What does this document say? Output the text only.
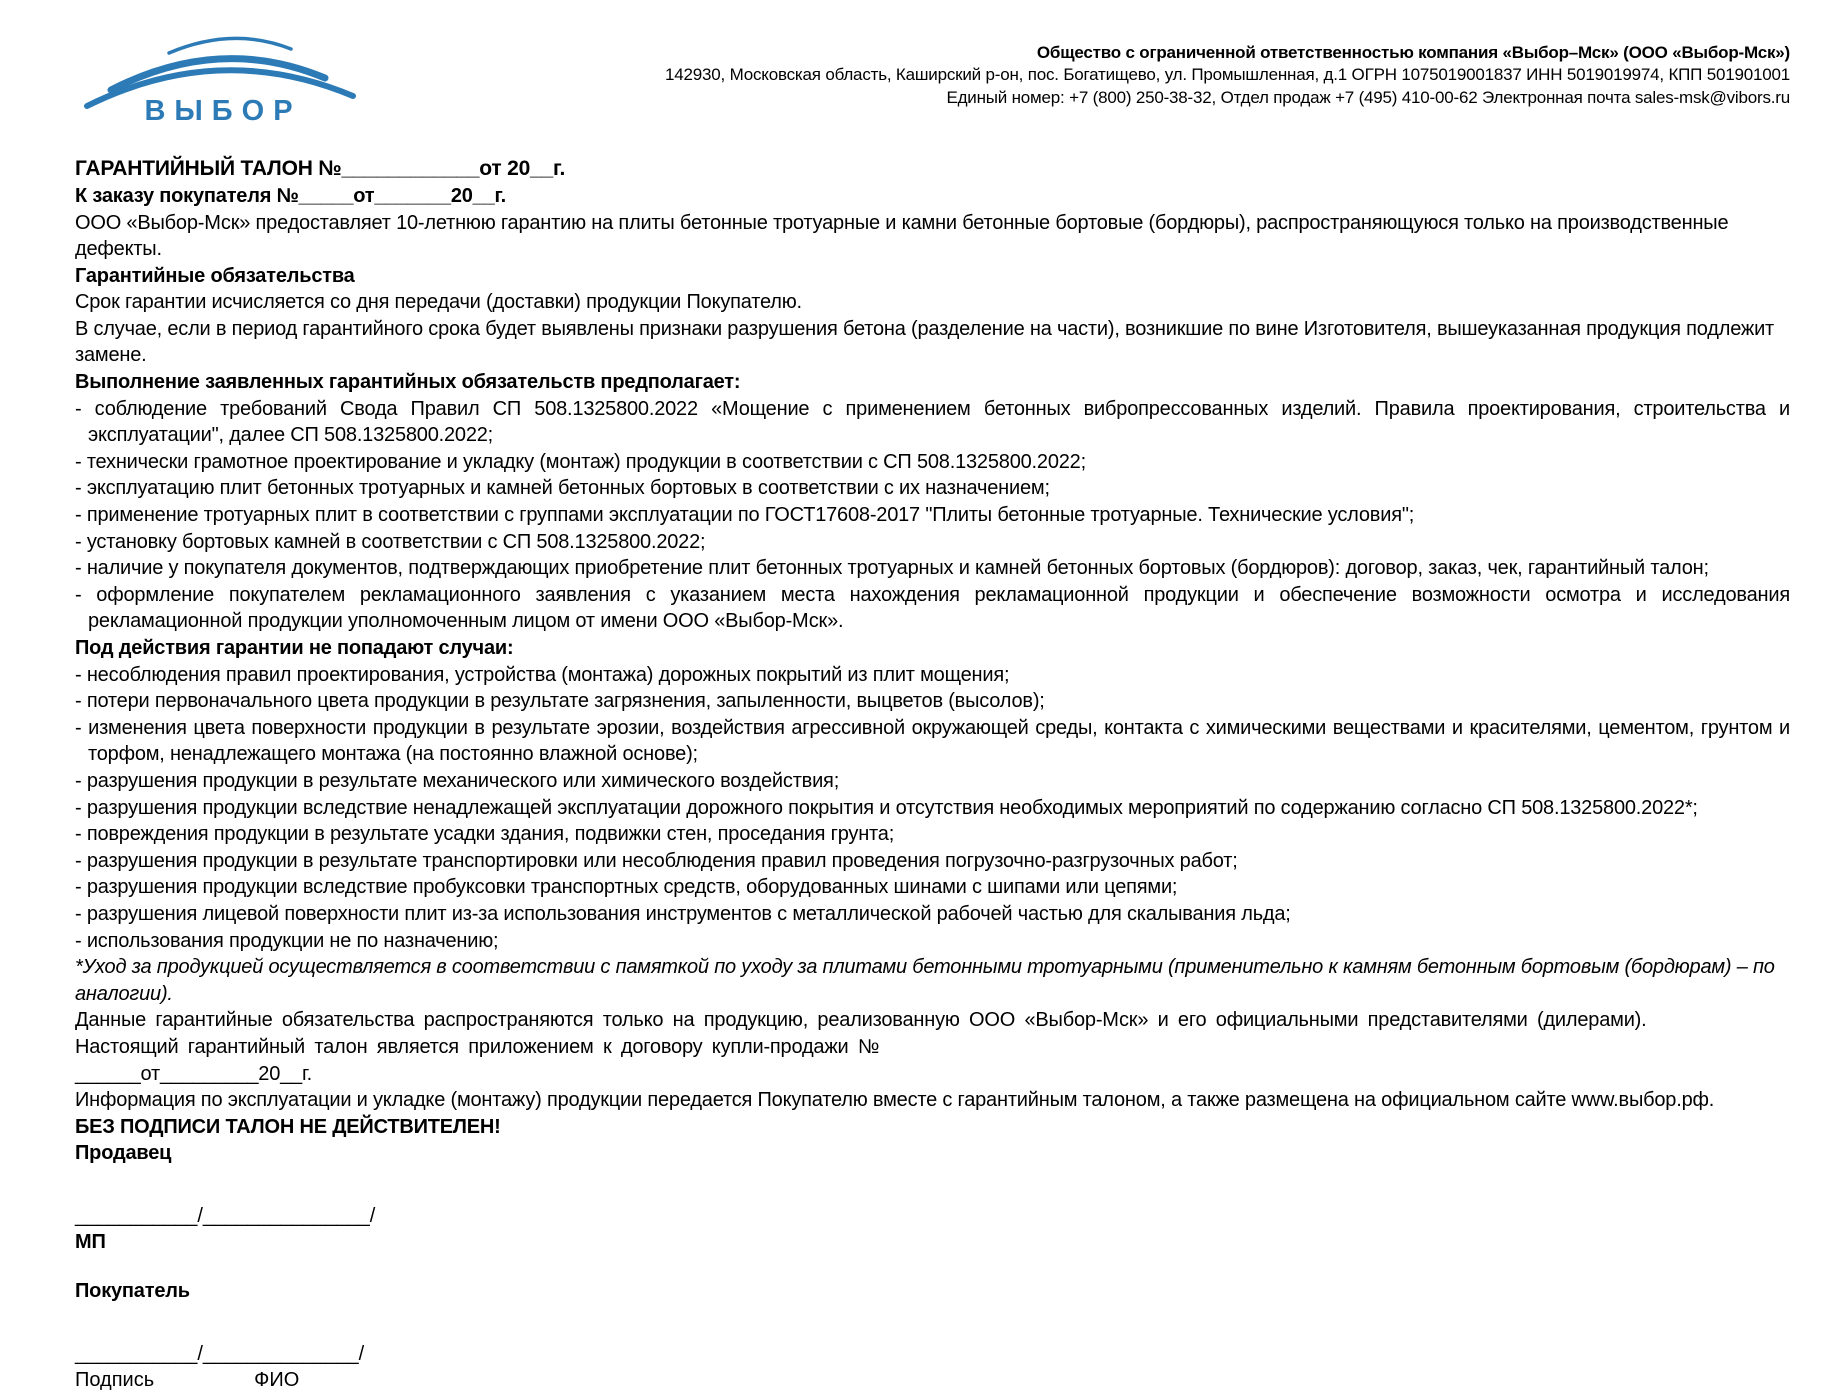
ВЫБОР
Общество с ограниченной ответственностью компания «Выбор–Мск» (ООО «Выбор-Мск»)
142930, Московская область, Каширский р-он, пос. Богатищево, ул. Промышленная, д.1 ОГРН 1075019001837 ИНН 5019019974, КПП 501901001
Единый номер: +7 (800) 250-38-32, Отдел продаж +7 (495) 410-00-62 Электронная почта sales-msk@vibors.ru
ГАРАНТИЙНЫЙ ТАЛОН №____________от 20__г.
К заказу покупателя №_____от_______20__г.
ООО «Выбор-Мск» предоставляет 10-летнюю гарантию на плиты бетонные тротуарные и камни бетонные бортовые (бордюры), распространяющуюся только на производственные дефекты.
Гарантийные обязательства
Срок гарантии исчисляется со дня передачи (доставки) продукции Покупателю.
В случае, если в период гарантийного срока будет выявлены признаки разрушения бетона (разделение на части), возникшие по вине Изготовителя, вышеуказанная продукция подлежит замене.
Выполнение заявленных гарантийных обязательств предполагает:
- соблюдение требований Свода Правил СП 508.1325800.2022 «Мощение с применением бетонных вибропрессованных изделий. Правила проектирования, строительства и эксплуатации", далее СП 508.1325800.2022;
- технически грамотное проектирование и укладку (монтаж) продукции в соответствии с СП 508.1325800.2022;
- эксплуатацию плит бетонных тротуарных и камней бетонных бортовых в соответствии с их назначением;
- применение тротуарных плит в соответствии с группами эксплуатации по ГОСТ17608-2017 "Плиты бетонные тротуарные. Технические условия";
- установку бортовых камней в соответствии с СП 508.1325800.2022;
- наличие у покупателя документов, подтверждающих приобретение плит бетонных тротуарных и камней бетонных бортовых (бордюров): договор, заказ, чек, гарантийный талон;
- оформление покупателем рекламационного заявления с указанием места нахождения рекламационной продукции и обеспечение возможности осмотра и исследования рекламационной продукции уполномоченным лицом от имени ООО «Выбор-Мск».
Под действия гарантии не попадают случаи:
- несоблюдения правил проектирования, устройства (монтажа) дорожных покрытий из плит мощения;
- потери первоначального цвета продукции в результате загрязнения, запыленности, выцветов (высолов);
- изменения цвета поверхности продукции в результате эрозии, воздействия агрессивной окружающей среды, контакта с химическими веществами и красителями, цементом, грунтом и торфом, ненадлежащего монтажа (на постоянно влажной основе);
- разрушения продукции в результате механического или химического воздействия;
- разрушения продукции вследствие ненадлежащей эксплуатации дорожного покрытия и отсутствия необходимых мероприятий по содержанию согласно СП 508.1325800.2022*;
- повреждения продукции в результате усадки здания, подвижки стен, проседания грунта;
- разрушения продукции в результате транспортировки или несоблюдения правил проведения погрузочно-разгрузочных работ;
- разрушения продукции вследствие пробуксовки транспортных средств, оборудованных шинами с шипами или цепями;
- разрушения лицевой поверхности плит из-за использования инструментов с металлической рабочей частью для скалывания льда;
- использования продукции не по назначению;
*Уход за продукцией осуществляется в соответствии с памяткой по уходу за плитами бетонными тротуарными (применительно к камням бетонным бортовым (бордюрам) – по аналогии).
Данные гарантийные обязательства распространяются только на продукцию, реализованную ООО «Выбор-Мск» и его официальными представителями (дилерами).
Настоящий гарантийный талон является приложением к договору купли-продажи №
______от_________20__г.
Информация по эксплуатации и укладке (монтажу) продукции передается Покупателю вместе с гарантийным талоном, а также размещена на официальном сайте www.выбор.рф.
БЕЗ ПОДПИСИ ТАЛОН НЕ ДЕЙСТВИТЕЛЕН!
Продавец
___________/_______________/
МП
Покупатель
___________/______________/
Подпись	ФИО
